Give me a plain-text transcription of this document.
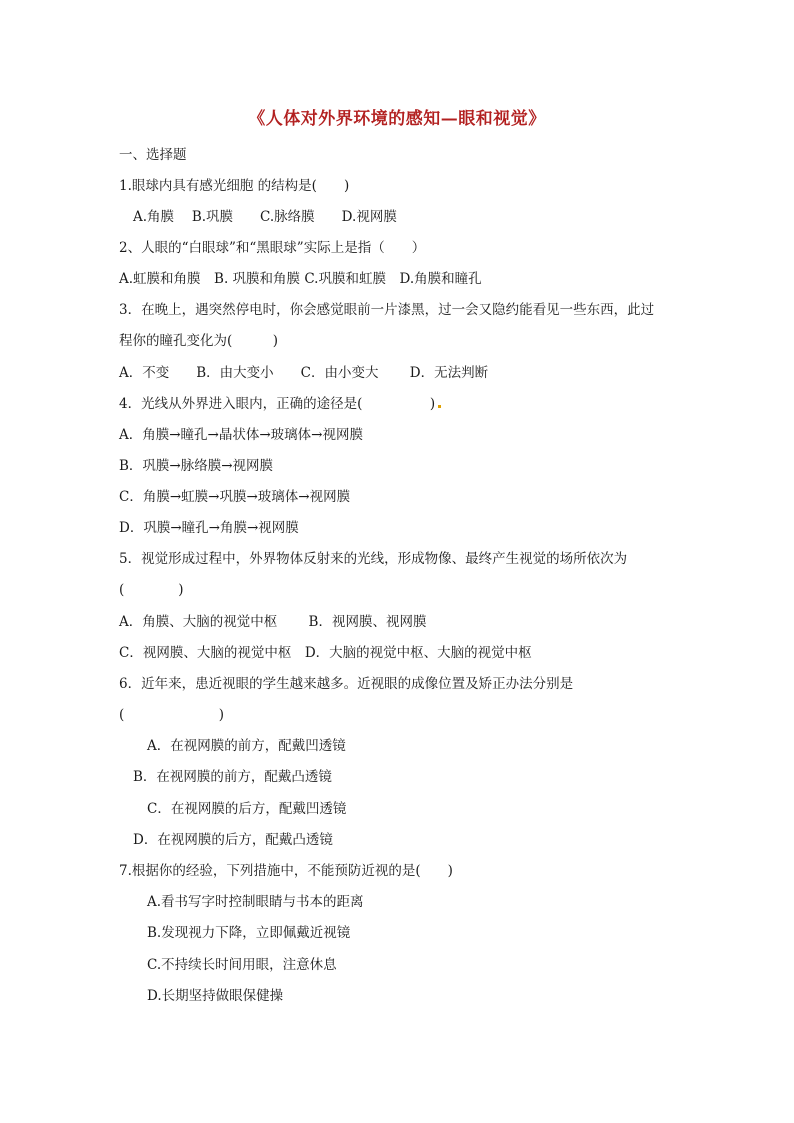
《人体对外界环境的感知—眼和视觉》
一、选择题
1.眼球内具有感光细胞 的结构是(　　)
A.角膜　 B.巩膜　　C.脉络膜　　D.视网膜
2、人眼的“白眼球”和“黑眼球”实际上是指（　　）
A.虹膜和角膜　B. 巩膜和角膜 C.巩膜和虹膜　D.角膜和瞳孔
3．在晚上，遇突然停电时，你会感觉眼前一片漆黑，过一会又隐约能看见一些东西，此过
程你的瞳孔变化为(　　　)
A．不变　　B．由大变小　　C．由小变大　　 D．无法判断
4．光线从外界进入眼内，正确的途径是(　　　　　)
A．角膜→瞳孔→晶状体→玻璃体→视网膜
B．巩膜→脉络膜→视网膜
C．角膜→虹膜→巩膜→玻璃体→视网膜
D．巩膜→瞳孔→角膜→视网膜
5．视觉形成过程中，外界物体反射来的光线，形成物像、最终产生视觉的场所依次为
(　　　　)
A．角膜、大脑的视觉中枢　　 B．视网膜、视网膜
C．视网膜、大脑的视觉中枢　D．大脑的视觉中枢、大脑的视觉中枢
6．近年来，患近视眼的学生越来越多。近视眼的成像位置及矫正办法分别是
(　　　　　　　)
A．在视网膜的前方，配戴凹透镜
B．在视网膜的前方，配戴凸透镜
C．在视网膜的后方，配戴凹透镜
D．在视网膜的后方，配戴凸透镜
7.根据你的经验，下列措施中，不能预防近视的是(　　)
A.看书写字时控制眼睛与书本的距离
B.发现视力下降，立即佩戴近视镜
C.不持续长时间用眼，注意休息
D.长期坚持做眼保健操
